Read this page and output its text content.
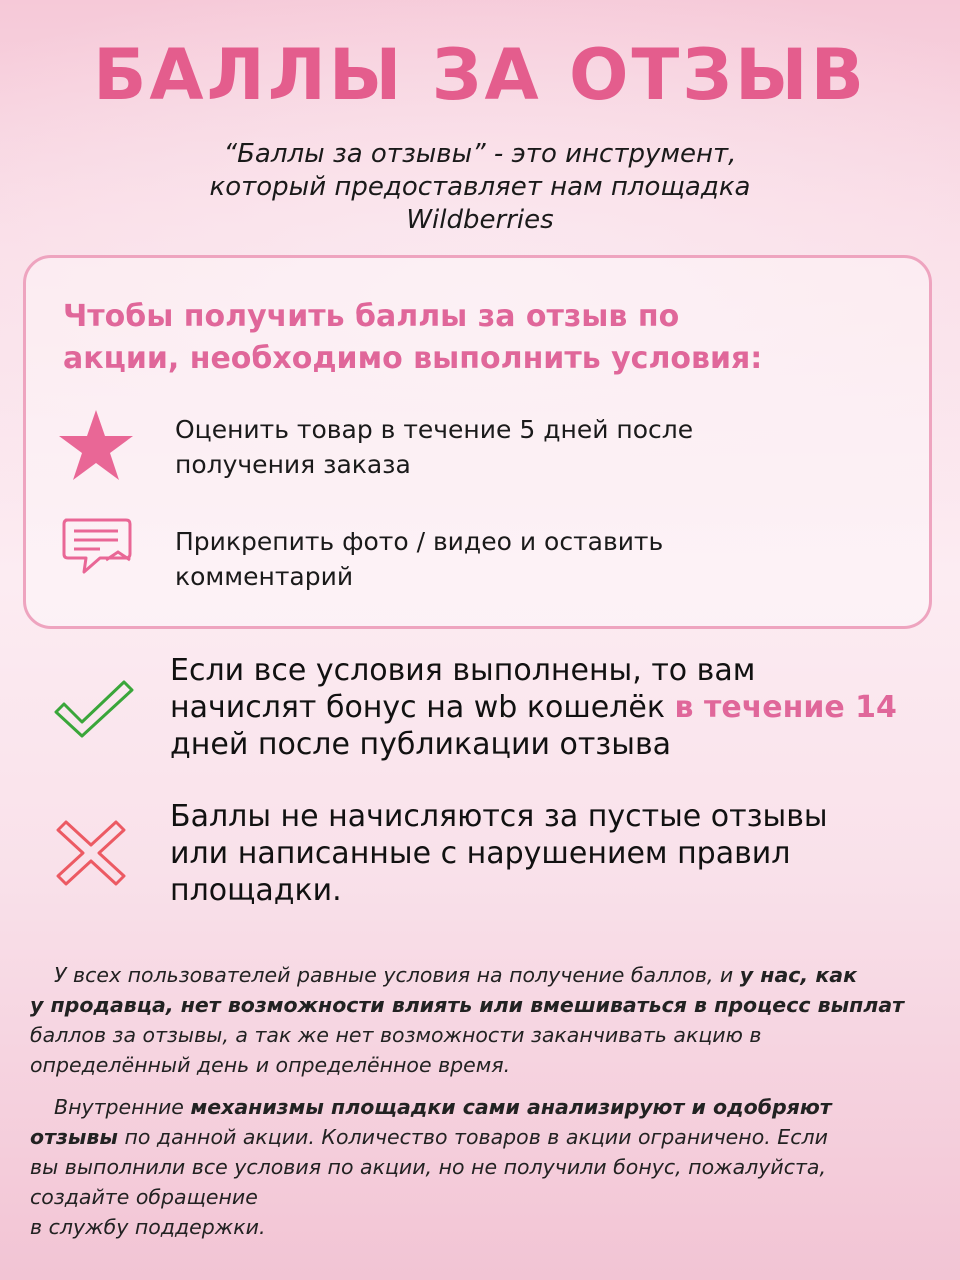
БАЛЛЫ ЗА ОТЗЫВ
“Баллы за отзывы” - это инструмент,
который предоставляет нам площадка
Wildberries
Чтобы получить баллы за отзыв по
акции, необходимо выполнить условия:
Оценить товар в течение 5 дней после
получения заказа
Прикрепить фото / видео и оставить
комментарий
Если все условия выполнены, то вам
начислят бонус на wb кошелёк в течение 14
дней после публикации отзыва
Баллы не начисляются за пустые отзывы
или написанные с нарушением правил
площадки.
У всех пользователей равные условия на получение баллов, и у нас, как
у продавца, нет возможности влиять или вмешиваться в процесс выплат
баллов за отзывы, а так же нет возможности заканчивать акцию в
определённый день и определённое время.
Внутренние механизмы площадки сами анализируют и одобряют
отзывы по данной акции. Количество товаров в акции ограничено. Если
вы выполнили все условия по акции, но не получили бонус, пожалуйста,
создайте обращение
в службу поддержки.
